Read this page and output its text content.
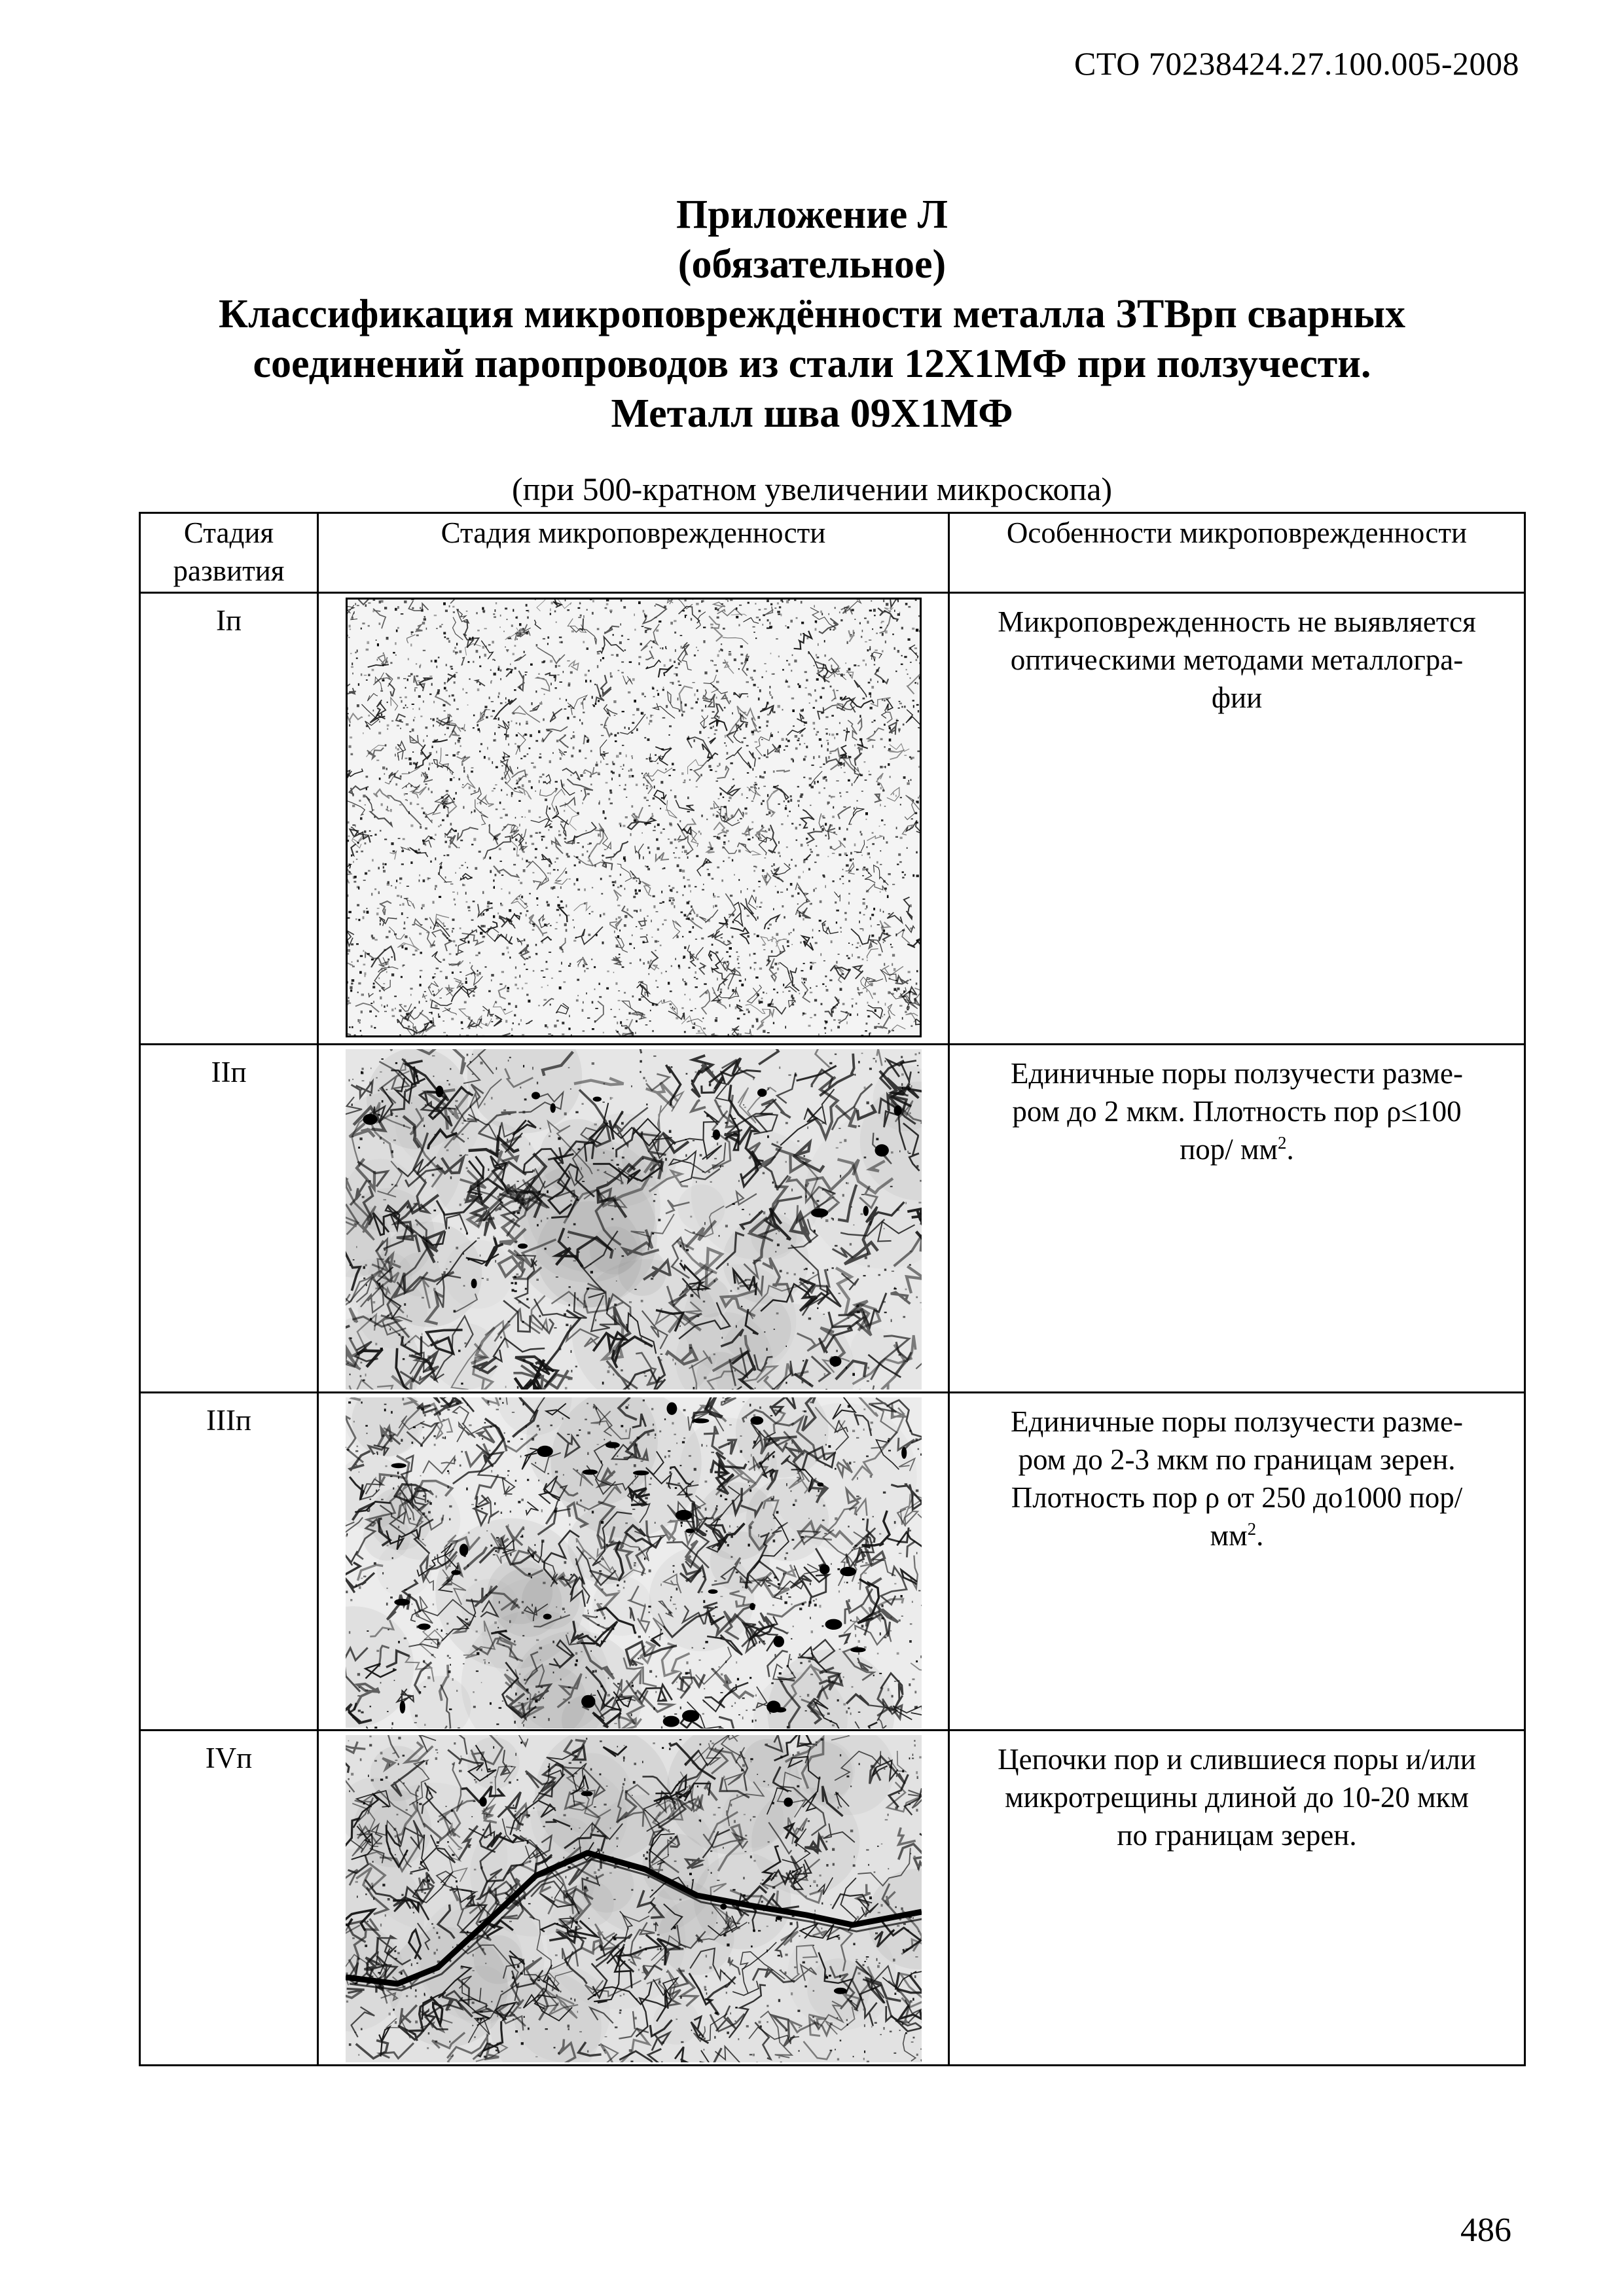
СТО 70238424.27.100.005-2008
Приложение Л
(обязательное)
Классификация микроповреждённости металла ЗТВрп сварных
соединений паропроводов из стали 12Х1МФ при ползучести.
Металл шва 09Х1МФ
(при 500-кратном увеличении микроскопа)
Стадия
развития	Стадия микроповрежденности	Особенности микроповрежденности
Iп		Микроповрежденность не выявляется
оптическими методами металлогра-
фии

IIп		Единичные поры ползучести разме-
ром до 2 мкм. Плотность пор ρ≤100
пор/ $мм^2$.

IIIп		Единичные поры ползучести разме-
ром до 2-3 мкм по границам зерен.
Плотность пор ρ от 250 до1000 пор/
$мм^2$.

IVп		Цепочки пор и слившиеся поры и/или
микротрещины длиной до 10-20 мкм
по границам зерен.
486
